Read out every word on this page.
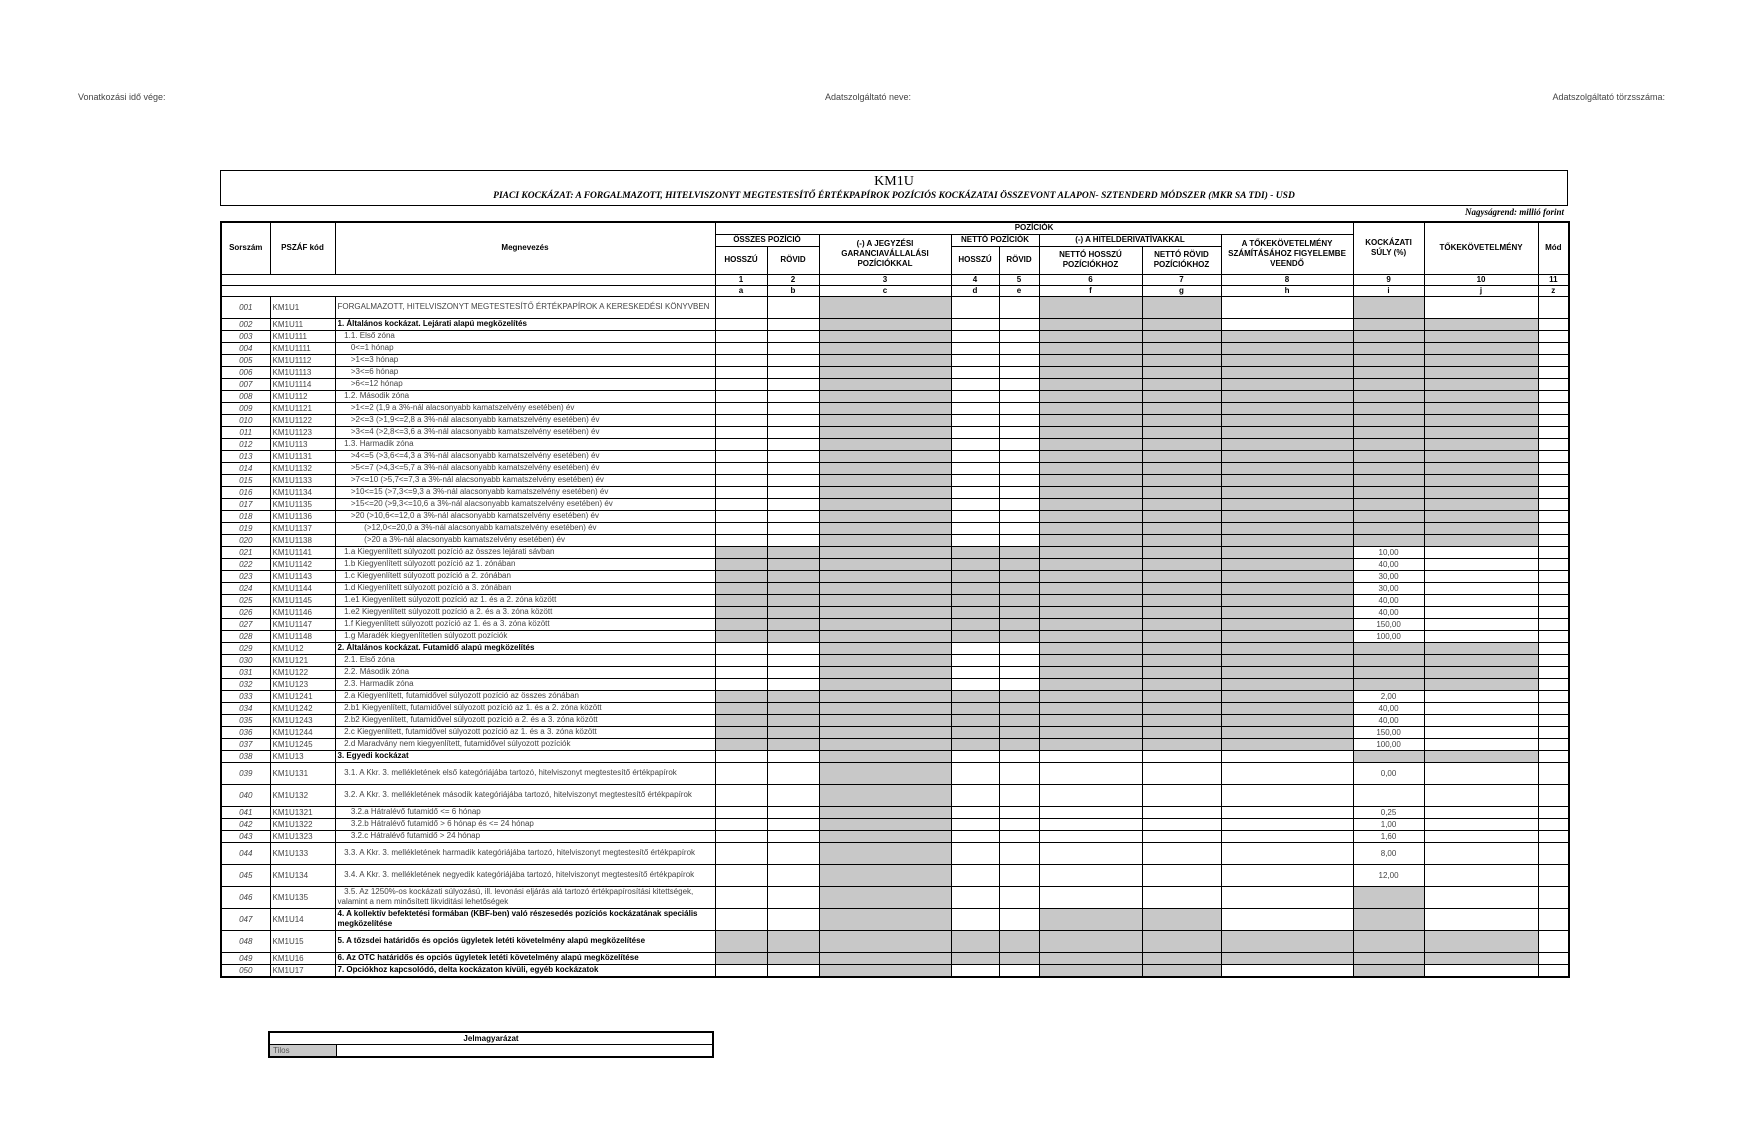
Vonatkozási idő vége:	Adatszolgáltató neve:	Adatszolgáltató törzsszáma:
KM1U
PIACI KOCKÁZAT: A FORGALMAZOTT, HITELVISZONYT MEGTESTESÍTŐ ÉRTÉKPAPÍROK POZÍCIÓS KOCKÁZATAI ÖSSZEVONT ALAPON- SZTENDERD MÓDSZER (MKR SA TDI) - USD
Nagyságrend: millió forint
Sorszám	PSZÁF kód	Megnevezés	POZÍCIÓK								KOCKÁZATI SÚLY (%)	TŐKEKÖVETELMÉNY	Mód
			ÖSSZES POZÍCIÓ		(-) A JEGYZÉSI GARANCIAVÁLLALÁSI POZÍCIÓKKAL	NETTÓ POZÍCIÓK		(-) A HITELDERIVATÍVAKKAL		A TŐKEKÖVETELMÉNY SZÁMÍTÁSÁHOZ FIGYELEMBE VEENDŐ			
			HOSSZÚ	RÖVID		HOSSZÚ	RÖVID	NETTÓ HOSSZÚ POZÍCIÓKHOZ	NETTÓ RÖVID POZÍCIÓKHOZ				
			1	2	3	4	5	6	7	8	9	10	11
			a	b	c	d	e	f	g	h	i	j	z
001	KM1U1	FORGALMAZOTT, HITELVISZONYT MEGTESTESÍTŐ ÉRTÉKPAPÍROK A KERESKEDÉSI KÖNYVBEN											
002	KM1U11	1. Általános kockázat. Lejárati alapú megközelítés											
003	KM1U111	1.1. Első zóna											
004	KM1U1111	0<=1 hónap											
005	KM1U1112	>1<=3 hónap											
006	KM1U1113	>3<=6 hónap											
007	KM1U1114	>6<=12 hónap											
008	KM1U112	1.2. Második zóna											
009	KM1U1121	>1<=2 (1,9 a 3%-nál alacsonyabb kamatszelvény esetében) év											
010	KM1U1122	>2<=3 (>1,9<=2,8 a 3%-nál alacsonyabb kamatszelvény esetében) év											
011	KM1U1123	>3<=4 (>2,8<=3,6 a 3%-nál alacsonyabb kamatszelvény esetében) év											
012	KM1U113	1.3. Harmadik zóna											
013	KM1U1131	>4<=5 (>3,6<=4,3 a 3%-nál alacsonyabb kamatszelvény esetében) év											
014	KM1U1132	>5<=7 (>4,3<=5,7 a 3%-nál alacsonyabb kamatszelvény esetében) év											
015	KM1U1133	>7<=10 (>5,7<=7,3 a 3%-nál alacsonyabb kamatszelvény esetében) év											
016	KM1U1134	>10<=15 (>7,3<=9,3 a 3%-nál alacsonyabb kamatszelvény esetében) év											
017	KM1U1135	>15<=20 (>9,3<=10,6 a 3%-nál alacsonyabb kamatszelvény esetében) év											
018	KM1U1136	>20 (>10,6<=12,0 a 3%-nál alacsonyabb kamatszelvény esetében) év											
019	KM1U1137	(>12,0<=20,0 a 3%-nál alacsonyabb kamatszelvény esetében) év											
020	KM1U1138	(>20 a 3%-nál alacsonyabb kamatszelvény esetében) év											
021	KM1U1141	1.a Kiegyenlített súlyozott pozíció az összes lejárati sávban									10,00		
022	KM1U1142	1.b Kiegyenlített súlyozott pozíció az 1. zónában									40,00		
023	KM1U1143	1.c Kiegyenlített súlyozott pozíció a 2. zónában									30,00		
024	KM1U1144	1.d Kiegyenlített súlyozott pozíció a 3. zónában									30,00		
025	KM1U1145	1.e1 Kiegyenlített súlyozott pozíció az 1. és a 2. zóna között									40,00		
026	KM1U1146	1.e2 Kiegyenlített súlyozott pozíció a 2. és a 3. zóna között									40,00		
027	KM1U1147	1.f Kiegyenlített súlyozott pozíció az 1. és a 3. zóna között									150,00		
028	KM1U1148	1.g Maradék kiegyenlítetlen súlyozott pozíciók									100,00		
029	KM1U12	2. Általános kockázat. Futamidő alapú megközelítés											
030	KM1U121	2.1. Első zóna											
031	KM1U122	2.2. Második zóna											
032	KM1U123	2.3. Harmadik zóna											
033	KM1U1241	2.a Kiegyenlített, futamidővel súlyozott pozíció az összes zónában									2,00		
034	KM1U1242	2.b1 Kiegyenlített, futamidővel súlyozott pozíció az 1. és a 2. zóna között									40,00		
035	KM1U1243	2.b2 Kiegyenlített, futamidővel súlyozott pozíció a 2. és a 3. zóna között									40,00		
036	KM1U1244	2.c Kiegyenlített, futamidővel súlyozott pozíció az 1. és a 3. zóna között									150,00		
037	KM1U1245	2.d Maradvány nem kiegyenlített, futamidővel súlyozott pozíciók									100,00		
038	KM1U13	3. Egyedi kockázat											
039	KM1U131	3.1. A Kkr. 3. mellékletének első kategóriájába tartozó, hitelviszonyt megtestesítő értékpapírok									0,00		
040	KM1U132	3.2. A Kkr. 3. mellékletének második kategóriájába tartozó, hitelviszonyt megtestesítő értékpapírok											
041	KM1U1321	3.2.a Hátralévő futamidő <= 6 hónap									0,25		
042	KM1U1322	3.2.b Hátralévő futamidő > 6 hónap és <= 24 hónap									1,00		
043	KM1U1323	3.2.c Hátralévő futamidő > 24 hónap									1,60		
044	KM1U133	3.3. A Kkr. 3. mellékletének harmadik kategóriájába tartozó, hitelviszonyt megtestesítő értékpapírok									8,00		
045	KM1U134	3.4. A Kkr. 3. mellékletének negyedik kategóriájába tartozó, hitelviszonyt megtestesítő értékpapírok									12,00		
046	KM1U135	3.5. Az 1250%-os kockázati súlyozású, ill. levonási eljárás alá tartozó értékpapírosítási kitettségek, valamint a nem minősített likviditási lehetőségek											
047	KM1U14	4. A kollektív befektetési formában (KBF-ben) való részesedés pozíciós kockázatának speciális megközelítése											
048	KM1U15	5. A tőzsdei határidős és opciós ügyletek letéti követelmény alapú megközelítése											
049	KM1U16	6. Az OTC határidős és opciós ügyletek letéti követelmény alapú megközelítése											
050	KM1U17	7. Opciókhoz kapcsolódó, delta kockázaton kívüli, egyéb kockázatok											
Jelmagyarázat
Tilos	
